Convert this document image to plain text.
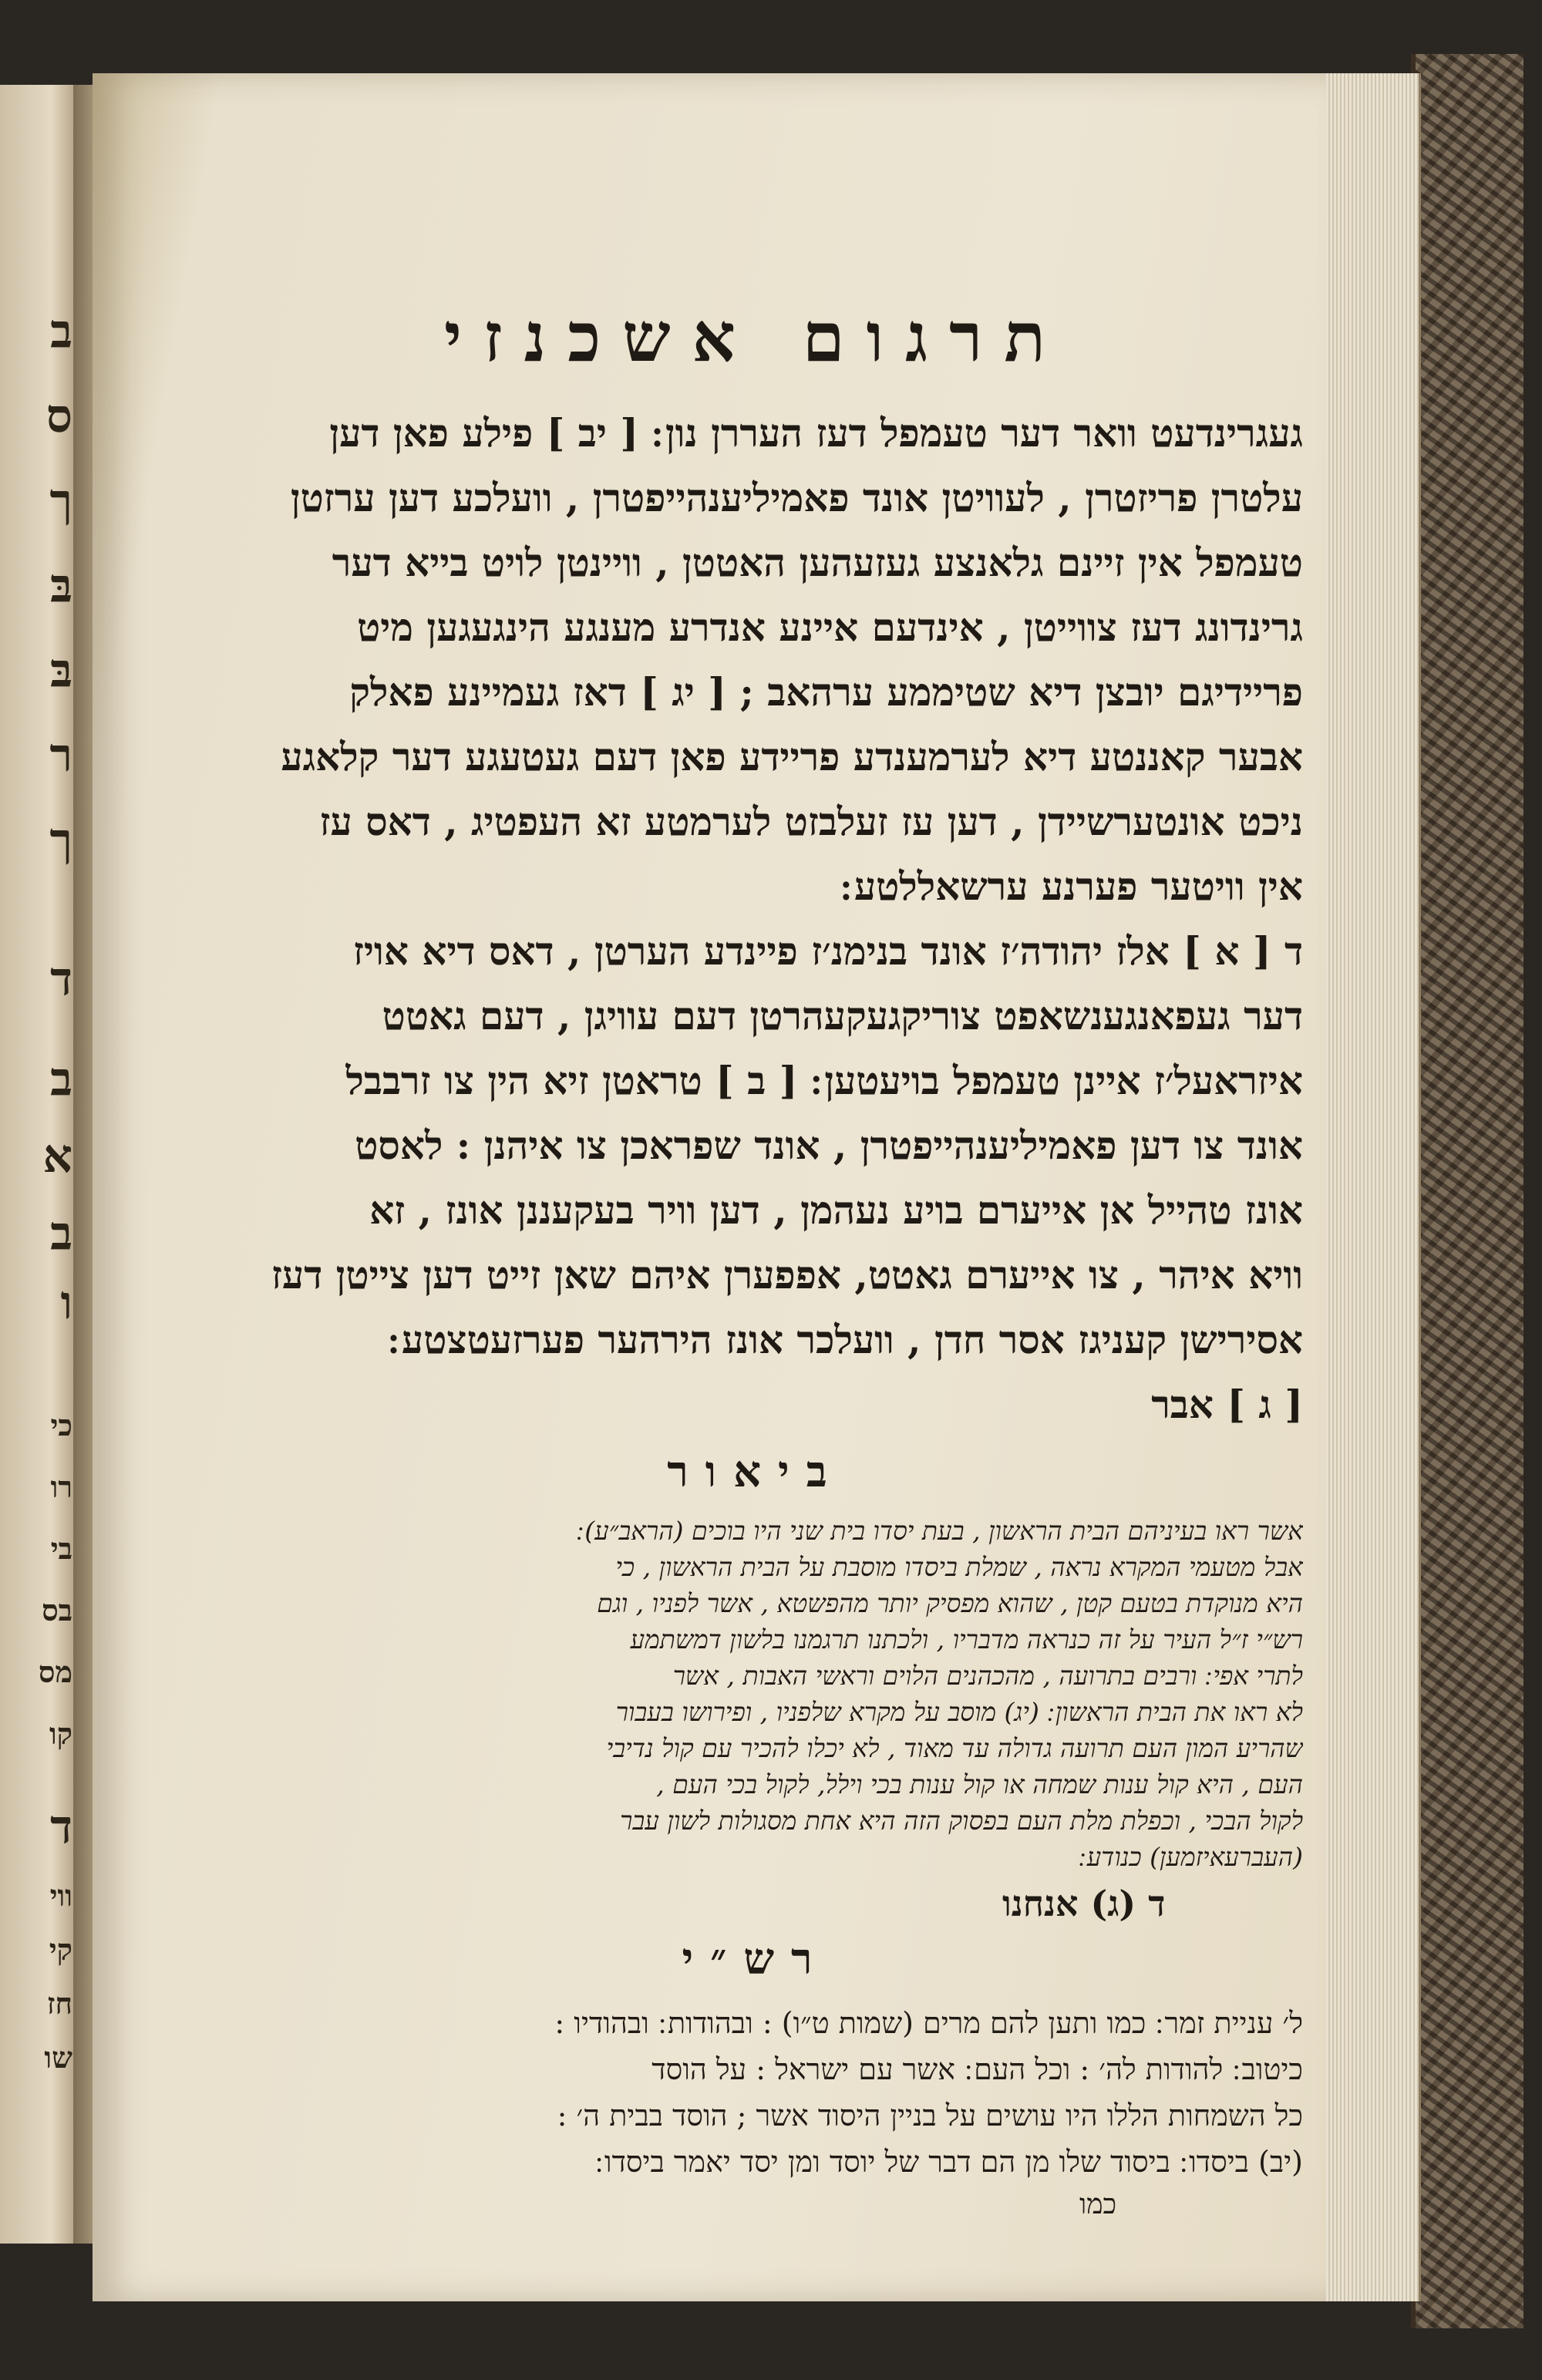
ב
ס
ך
בּ
בּ
ר
ך
ד
ב
א
ב
ו
כי
רו
בי
בס
מס
קו
ד
ווי
קי
חז
שו
תרגום אשכנזי
געגרינדעט וואר דער טעמפל דעז העררן נון ׃ [ יב ] פילע פאן דען
עלטרן פריזטרן , לעוויטן אונד פאמיליענהייפטרן , וועלכע דען ערזטן
טעמפל אין זיינם גלאנצע געזעהען האטטן , וויינטן לויט בייא דער
גרינדונג דעז צווייטן , אינדעם איינע אנדרע מענגע הינגעגען מיט
פריידיגם יובצן דיא שטיממע ערהאב ; [ יג ] דאז געמיינע פאלק
אבער קאננטע דיא לערמענדע פריידע פאן דעם געטעגע דער קלאגע
ניכט אונטערשיידן , דען עז זעלבזט לערמטע זא העפטיג , דאס עז
אין וויטער פערנע ערשאללטע ׃
ד [ א ] אלז יהודה׳ז אונד בנימנ׳ז פיינדע הערטן , דאס דיא אויז
דער געפאנגענשאפט צוריקגעקעהרטן דעם עוויגן , דעם גאטט
איזראעל׳ז איינן טעמפל בויעטען ׃ [ ב ] טראטן זיא הין צו זרבבל
אונד צו דען פאמיליענהייפטרן , אונד שפראכן צו איהנן : לאסט
אונז טהייל אן אייערם בויע נעהמן , דען וויר בעקעננן אונז , זא
וויא איהר , צו אייערם גאטט, אפפערן איהם שאן זייט דען צייטן דעז
אסירישן קעניגז אסר חדן , וועלכר אונז הירהער פערזעטצטע ׃
[ ג ] אבר
ביאור
אשר ראו בעיניהם הבית הראשון , בעת יסדו בית שני היו בוכים (הראב״ע) ׃
אבל מטעמי המקרא נראה , שמלת ביסדו מוסבת על הבית הראשון , כי
היא מנוקדת בטעם קטן , שהוא מפסיק יותר מהפשטא , אשר לפניו , וגם
רש״י ז״ל העיר על זה כנראה מדבריו , ולכתנו תרגמנו בלשון דמשתמע
לתרי אפי ׃ ורבים בתרועה , מהכהנים הלוים וראשי האבות , אשר
לא ראו את הבית הראשון ׃ (יג) מוסב על מקרא שלפניו , ופירושו בעבור
שהריע המון העם תרועה גדולה עד מאוד , לא יכלו להכיר עם קול נדיבי
העם , היא קול ענות שמחה או קול ענות בכי וילל, לקול בכי העם ,
לקול הבכי , וכפלת מלת העם בפסוק הזה היא אחת מסגולות לשון עבר
(העברעאיזמען) כנודע ׃
ד (ג) אנחנו
רש״י
ל׳ עניית זמר ׃ כמו ותען להם מרים (שמות ט״ו) : ובהודות ׃ ובהודיו :
כיטוב ׃ להודות לה׳ : וכל העם ׃ אשר עם ישראל : על הוסד
כל השמחות הללו היו עושים על בניין היסוד אשר ; הוסד בבית ה׳ :
(יב) ביסדו ׃ ביסוד שלו מן הם דבר של יוסד ומן יסד יאמר ביסדו ׃
כמו
